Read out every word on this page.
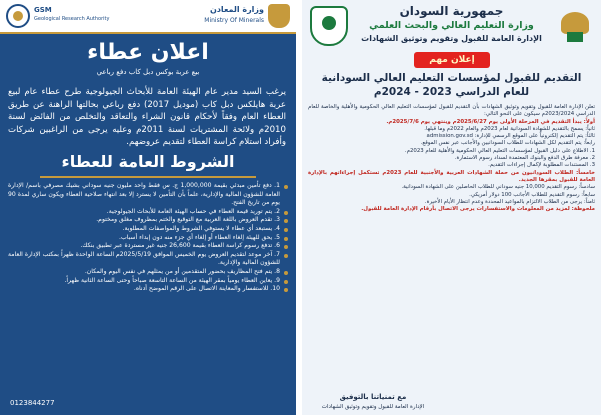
GSM
Geological Research Authority
وزارة المعادن
Ministry Of Minerals
اعلان عطاء
بيع عربة بوكس دبل كاب دفع رباعي
يرغب السيد مدير عام الهيئة العامة للأبحاث الجيولوجية طرح عطاء عام لبيع عربة هايلكس دبل كاب (موديل 2017) دفع رباعي بحالتها الراهنة عن طريق العطاء العام وفقاً لأحكام قانون الشراء والتعاقد والتخلص من الفائض لسنة 2010م ولائحة المشتريات لسنة 2011م وعليه يرجى من الراغبين شركات وأفراد استلام كراسة العطاء لتقديم عروضهم.
الشروط العامة للعطاء
1. دفع تأمين مبدئي بقيمة 1,000,000 ج. س فقط واحد مليون جنيه سوداني بشيك مصرفي باسم/ الإدارة العامة للشؤون المالية والإدارية، علماً بأن التأمين لا يسترد إلا بعد انتهاء صلاحية العطاء ويكون ساري لمدة 90 يوم من تاريخ الفتح.
2. يتم توريد قيمة العطاء في حساب الهيئة العامة للأبحاث الجيولوجية.
3. تقدم العروض باللغة العربية مع التوقيع والختم بمظروف مغلق ومختوم.
4. يستبعد أي عطاء لا يستوفي الشروط والمواصفات المطلوبة.
5. يحق للهيئة إلغاء العطاء أو إلغاء أي جزء منه دون إبداء أسباب.
6. تدفع رسوم كراسة العطاء بقيمة 26,600 جنيه غير مستردة عبر تطبيق بنكك.
7. آخر موعد لتقديم العروض يوم الخميس الموافق 2025/5/19م الساعة الواحدة ظهراً بمكتب الإدارة العامة للشؤون المالية والإدارية.
8. يتم فتح المظاريف بحضور المتقدمين أو من يمثلهم في نفس اليوم والمكان.
9. يعاين العطاء يومياً بمقر الهيئة من الساعة التاسعة صباحاً وحتى الساعة الثانية ظهراً.
10. للاستفسار والمعاينة الاتصال على الرقم الموضح أدناه.
0123844277
جمهورية السودان
وزارة التعليم العالي والبحث العلمي
الإدارة العامة للقبول وتقويم وتوثيق الشهادات
إعلان مهم
التقديم للقبول لمؤسسات التعليم العالي السودانية
للعام الدراسي 2023 - 2024م

تعلن الإدارة العامة للقبول وتقويم وتوثيق الشهادات بأن التقديم للقبول لمؤسسات التعليم العالي الحكومية والأهلية والخاصة للعام الدراسي 2023/2024م سيكون على النحو التالي:

أولاً: يبدأ التقديم في المرحلة الأولى يوم 2025/6/27م وينتهي يوم 2025/7/6م.

ثانياً: يسمح بالتقديم للشهادة السودانية لعام 2023م والعام 2022م وما قبلها.

ثالثاً: يتم التقديم إلكترونياً على الموقع الرسمي للإدارة: admission.gov.sd

رابعاً: يتم التقديم لكل الشهادات للطلاب السودانيين والأجانب عبر نفس الموقع.

1. الاطلاع على دليل القبول لمؤسسات التعليم العالي الحكومية والأهلية للعام 2023م.

2. معرفة طرق الدفع والبنوك المعتمدة لسداد رسوم الاستمارة.

3. المستندات المطلوبة لإكمال إجراءات التقديم.

خامساً: الطلاب السودانيون من حملة الشهادات العربية والأجنبية للعام 2023م تستكمل إجراءاتهم بالإدارة العامة للقبول بمقرها الجديد.

سادساً: رسوم التقديم 10,000 جنيه سوداني للطلاب الحاصلين على الشهادة السودانية.

سابعاً: رسوم التقديم للطلاب الأجانب 100 دولار أمريكي.

ثامناً: يرجى من الطلاب الالتزام بالمواعيد المحددة وعدم انتظار الأيام الأخيرة.

ملحوظة: لمزيد من المعلومات والاستفسارات يرجى الاتصال بأرقام الإدارة العامة للقبول.

مع تمنياتنا بالتوفيق
الإدارة العامة للقبول وتقويم وتوثيق الشهادات
